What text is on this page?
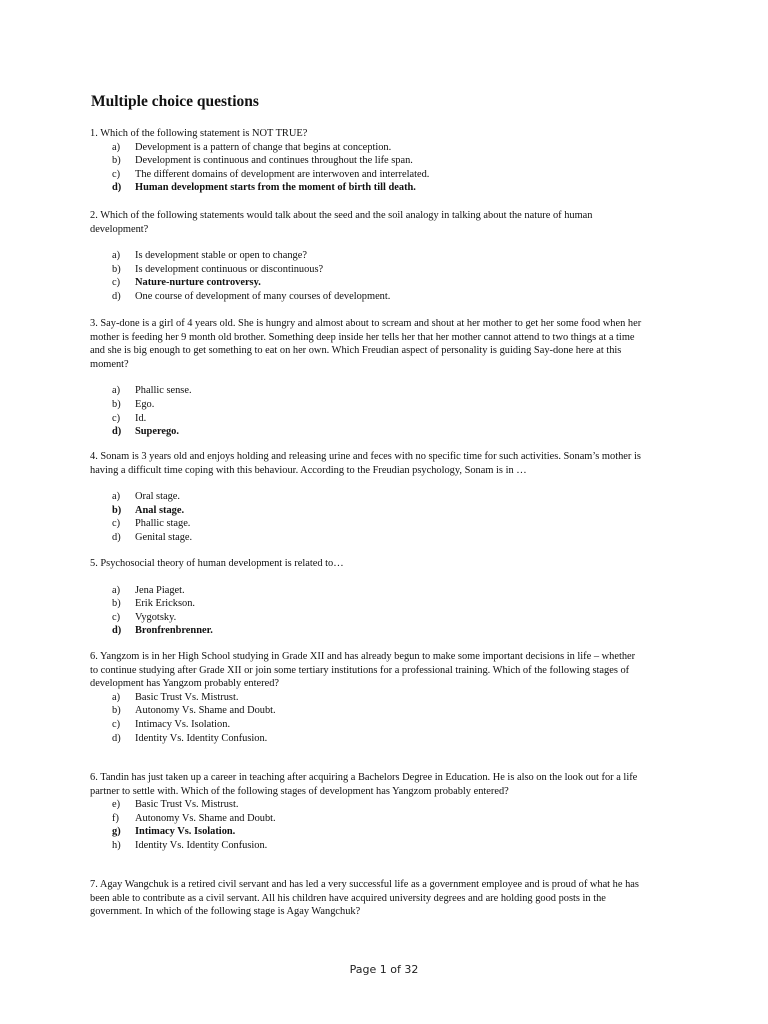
Multiple choice questions

1. Which of the following statement is NOT TRUE?

a)	Development is a pattern of change that begins at conception.
b)	Development is continuous and continues throughout the life span.
c)	The different domains of development are interwoven and interrelated.
d)	Human development starts from the moment of birth till death.

2. Which of the following statements would talk about the seed and the soil analogy in talking about the nature of human development?

a)	Is development stable or open to change?
b)	Is development continuous or discontinuous?
c)	Nature-nurture controversy.
d)	One course of development of many courses of development.

3. Say-done is a girl of 4 years old. She is hungry and almost about to scream and shout at her mother to get her some food when her mother is feeding her 9 month old brother. Something deep inside her tells her that her mother cannot attend to two things at a time and she is big enough to get something to eat on her own. Which Freudian aspect of personality is guiding Say-done here at this moment?

a)	Phallic sense.
b)	Ego.
c)	Id.
d)	Superego.

4. Sonam is 3 years old and enjoys holding and releasing urine and feces with no specific time for such activities. Sonam’s mother is having a difficult time coping with this behaviour. According to the Freudian psychology, Sonam is in …

a)	Oral stage.
b)	Anal stage.
c)	Phallic stage.
d)	Genital stage.

5. Psychosocial theory of human development is related to…

a)	Jena Piaget.
b)	Erik Erickson.
c)	Vygotsky.
d)	Bronfrenbrenner.

6. Yangzom is in her High School studying in Grade XII and has already begun to make some important decisions in life – whether to continue studying after Grade XII or join some tertiary institutions for a professional training. Which of the following stages of development has Yangzom probably entered?

a)	Basic Trust Vs. Mistrust.
b)	Autonomy Vs. Shame and Doubt.
c)	Intimacy Vs. Isolation.
d)	Identity Vs. Identity Confusion.

6. Tandin has just taken up a career in teaching after acquiring a Bachelors Degree in Education. He is also on the look out for a life partner to settle with. Which of the following stages of development has Yangzom probably entered?

e)	Basic Trust Vs. Mistrust.
f)	Autonomy Vs. Shame and Doubt.
g)	Intimacy Vs. Isolation.
h)	Identity Vs. Identity Confusion.

7. Agay Wangchuk is a retired civil servant and has led a very successful life as a government employee and is proud of what he has been able to contribute as a civil servant. All his children have acquired university degrees and are holding good posts in the government. In which of the following stage is Agay Wangchuk?

Page 1 of 32
